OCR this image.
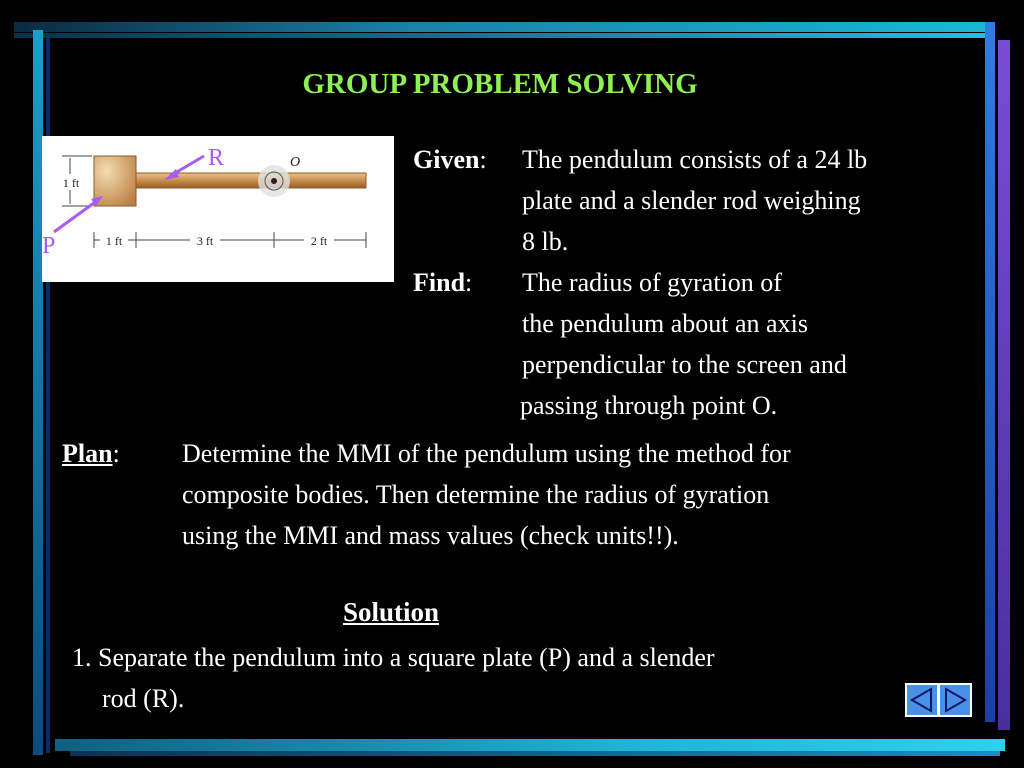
GROUP PROBLEM SOLVING
1 ft
O
1 ft	3 ft	2 ft
R
P
Given: The pendulum consists of a 24 lb
plate and a slender rod weighing
8 lb.
Find: The radius of gyration of
the pendulum about an axis
perpendicular to the screen and
passing through point O.
Plan: Determine the MMI of the pendulum using the method for
composite bodies. Then determine the radius of gyration
using the MMI and mass values (check units!!).
Solution
1. Separate the pendulum into a square plate (P) and a slender
rod (R).
